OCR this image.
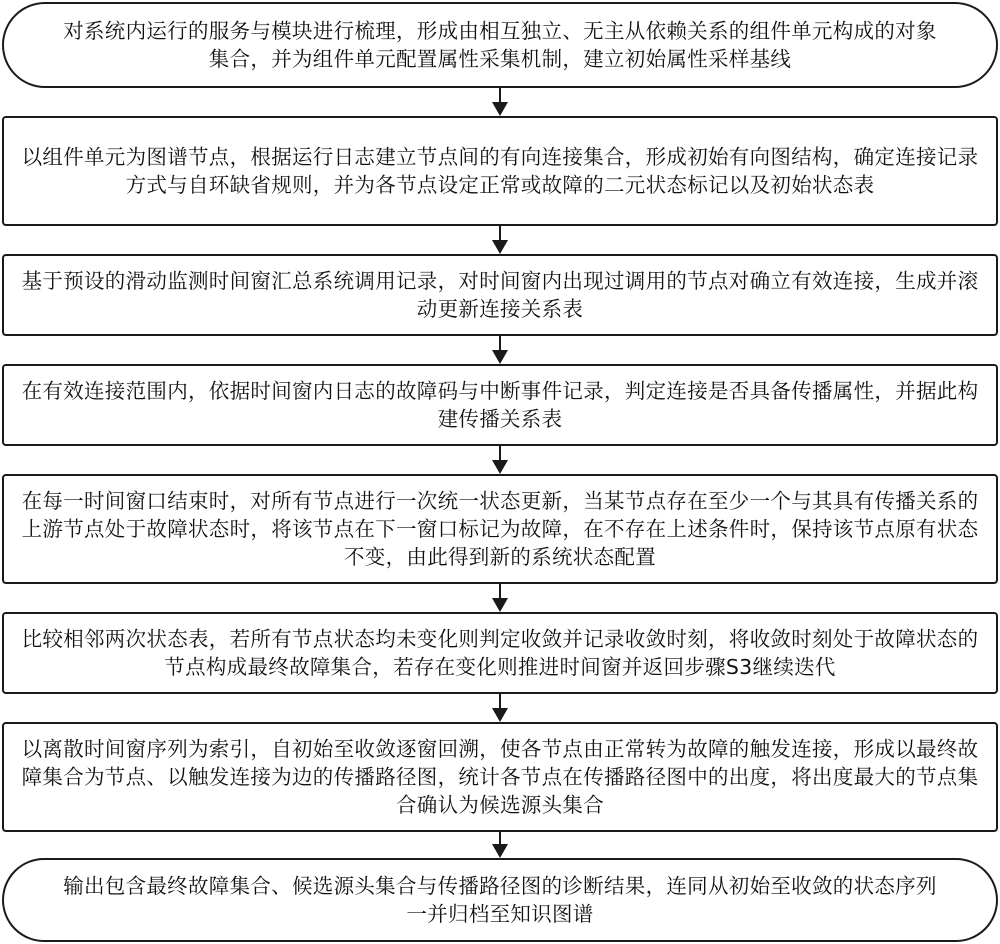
对系统内运行的服务与模块进行梳理，形成由相互独立、无主从依赖关系的组件单元构成的对象集合，并为组件单元配置属性采集机制，建立初始属性采样基线
以组件单元为图谱节点，根据运行日志建立节点间的有向连接集合，形成初始有向图结构，确定连接记录方式与自环缺省规则，并为各节点设定正常或故障的二元状态标记以及初始状态表
基于预设的滑动监测时间窗汇总系统调用记录，对时间窗内出现过调用的节点对确立有效连接，生成并滚动更新连接关系表
在有效连接范围内，依据时间窗内日志的故障码与中断事件记录，判定连接是否具备传播属性，并据此构建传播关系表
在每一时间窗口结束时，对所有节点进行一次统一状态更新，当某节点存在至少一个与其具有传播关系的上游节点处于故障状态时，将该节点在下一窗口标记为故障，在不存在上述条件时，保持该节点原有状态不变，由此得到新的系统状态配置
比较相邻两次状态表，若所有节点状态均未变化则判定收敛并记录收敛时刻，将收敛时刻处于故障状态的节点构成最终故障集合，若存在变化则推进时间窗并返回步骤S3继续迭代
以离散时间窗序列为索引，自初始至收敛逐窗回溯，使各节点由正常转为故障的触发连接，形成以最终故障集合为节点、以触发连接为边的传播路径图，统计各节点在传播路径图中的出度，将出度最大的节点集合确认为候选源头集合
输出包含最终故障集合、候选源头集合与传播路径图的诊断结果，连同从初始至收敛的状态序列一并归档至知识图谱
